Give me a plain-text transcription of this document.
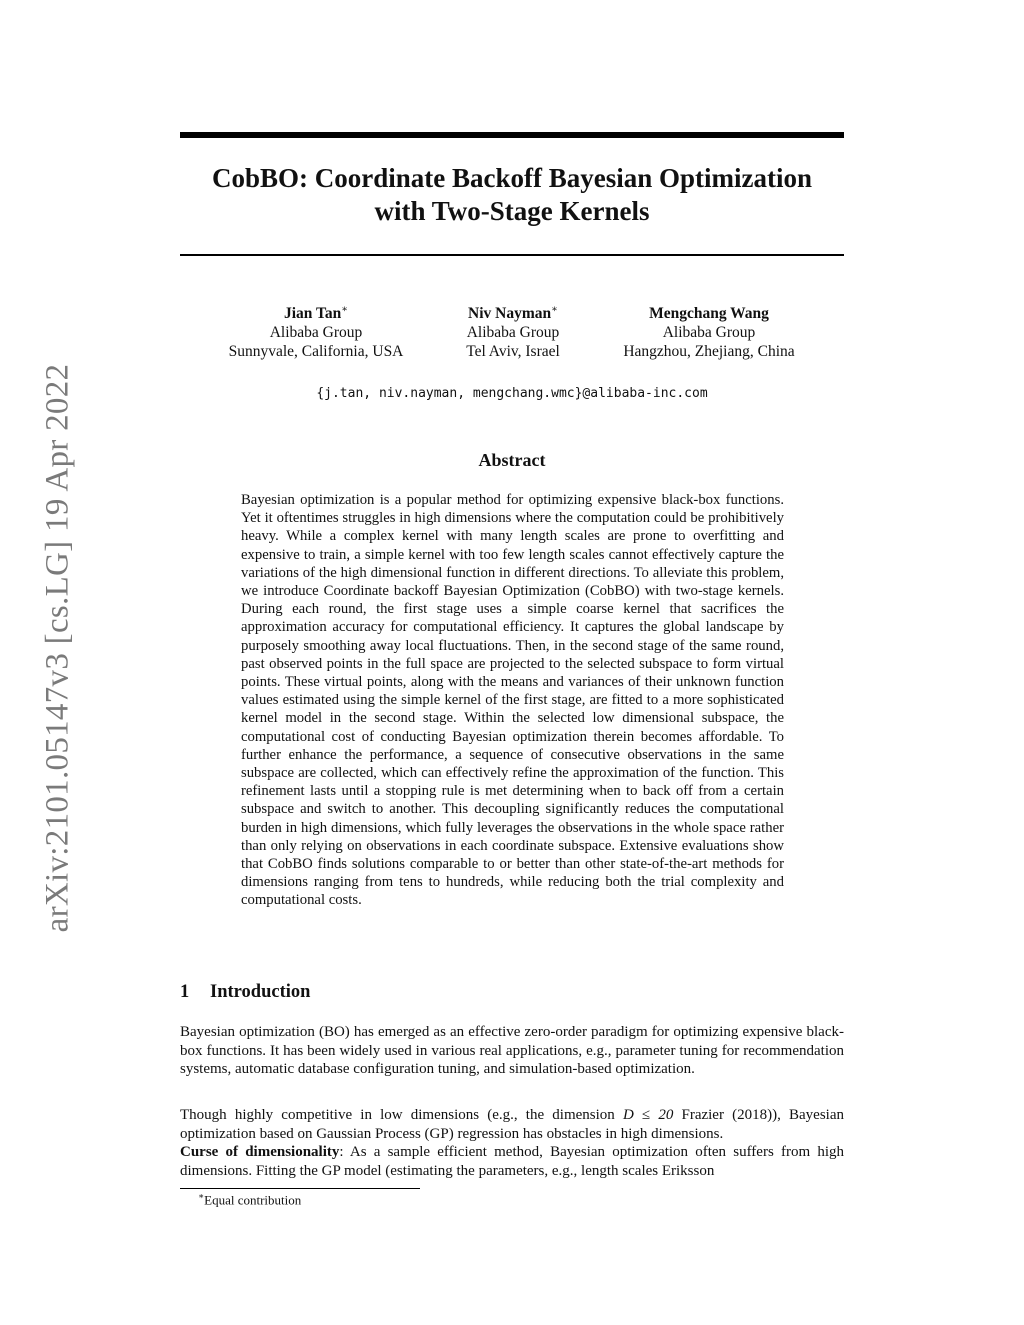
arXiv:2101.05147v3 [cs.LG] 19 Apr 2022
CobBO: Coordinate Backoff Bayesian Optimization
with Two-Stage Kernels
Jian Tan∗
Alibaba Group
Sunnyvale, California, USA
Niv Nayman∗
Alibaba Group
Tel Aviv, Israel
Mengchang Wang
Alibaba Group
Hangzhou, Zhejiang, China
{j.tan, niv.nayman, mengchang.wmc}@alibaba-inc.com
Abstract

Bayesian optimization is a popular method for optimizing expensive black-box functions. Yet it oftentimes struggles in high dimensions where the computation could be prohibitively heavy. While a complex kernel with many length scales are prone to overfitting and expensive to train, a simple kernel with too few length scales cannot effectively capture the variations of the high dimensional function in different directions. To alleviate this problem, we introduce Coordinate backoff Bayesian Optimization (CobBO) with two-stage kernels. During each round, the first stage uses a simple coarse kernel that sacrifices the approximation accuracy for computational efficiency. It captures the global landscape by purposely smoothing away local fluctuations. Then, in the second stage of the same round, past observed points in the full space are projected to the selected subspace to form virtual points. These virtual points, along with the means and variances of their unknown function values estimated using the simple kernel of the first stage, are fitted to a more sophisticated kernel model in the second stage. Within the selected low dimensional subspace, the computational cost of conducting Bayesian optimization therein becomes affordable. To further enhance the performance, a sequence of consecutive observations in the same subspace are collected, which can effectively refine the approximation of the function. This refinement lasts until a stopping rule is met determining when to back off from a certain subspace and switch to another. This decoupling significantly reduces the computational burden in high dimensions, which fully leverages the observations in the whole space rather than only relying on observations in each coordinate subspace. Extensive evaluations show that CobBO finds solutions comparable to or better than other state-of-the-art methods for dimensions ranging from tens to hundreds, while reducing both the trial complexity and computational costs.

1 Introduction

Bayesian optimization (BO) has emerged as an effective zero-order paradigm for optimizing expensive black-box functions. It has been widely used in various real applications, e.g., parameter tuning for recommendation systems, automatic database configuration tuning, and simulation-based optimization.

Though highly competitive in low dimensions (e.g., the dimension D ≤ 20 Frazier (2018)), Bayesian optimization based on Gaussian Process (GP) regression has obstacles in high dimensions.

Curse of dimensionality: As a sample efficient method, Bayesian optimization often suffers from high dimensions. Fitting the GP model (estimating the parameters, e.g., length scales Eriksson

∗Equal contribution
